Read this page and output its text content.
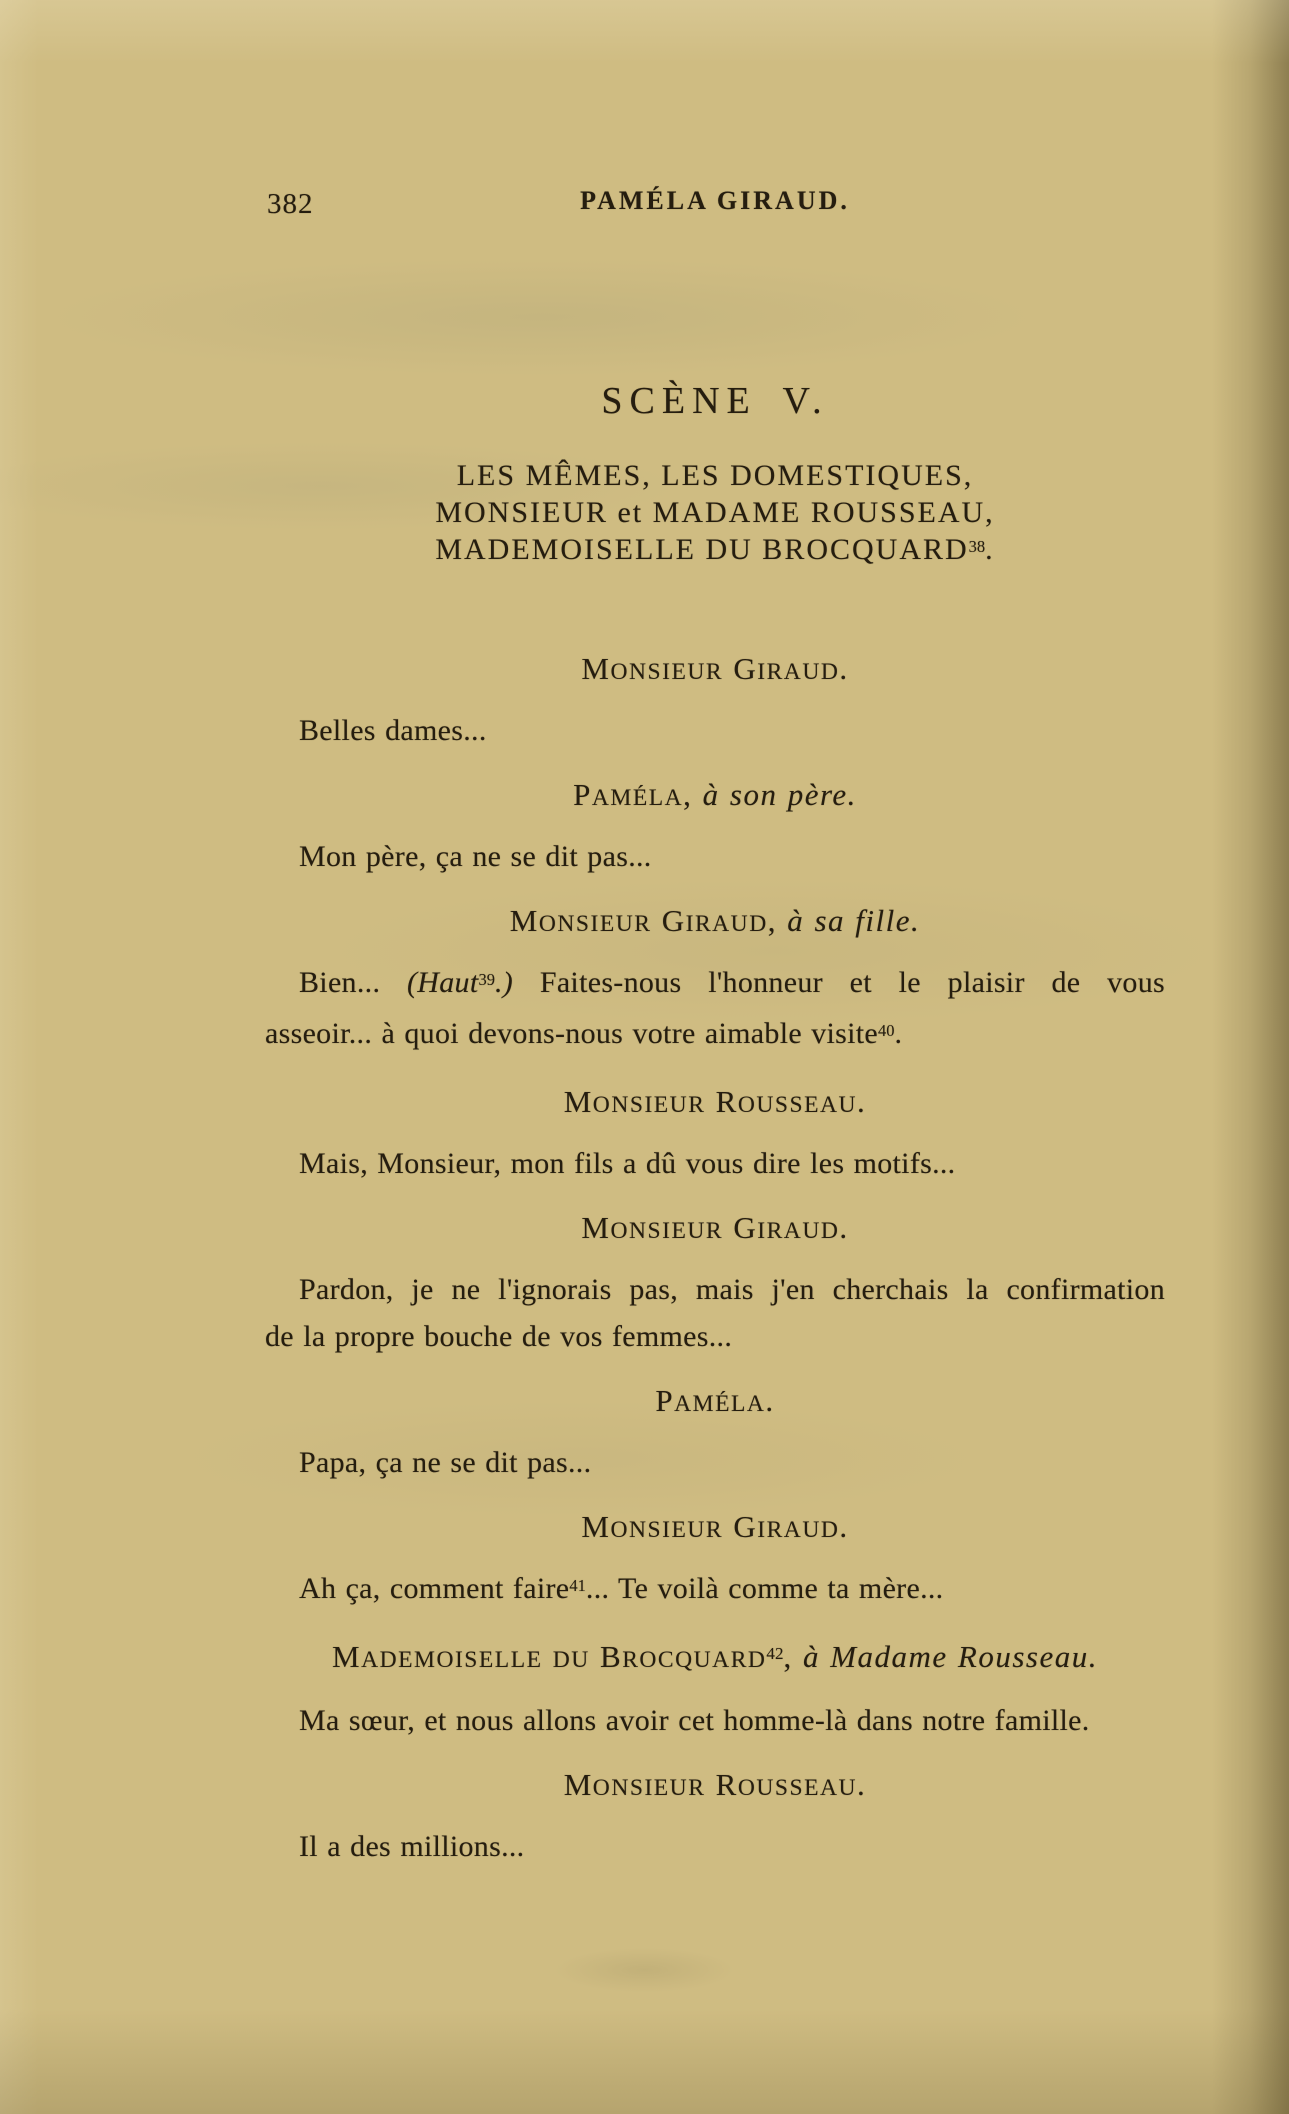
382	PAMÉLA GIRAUD.
SCÈNE V.
LES MÊMES, LES DOMESTIQUES,
MONSIEUR et MADAME ROUSSEAU,
MADEMOISELLE DU BROCQUARD$^{38}$.
MONSIEUR GIRAUD.
Belles dames...
PAMÉLA, à son père.
Mon père, ça ne se dit pas...
MONSIEUR GIRAUD, à sa fille.
Bien... (Haut$^{39}$.) Faites-nous l'honneur et le plaisir de vous
asseoir... à quoi devons-nous votre aimable visite$^{40}$.
MONSIEUR ROUSSEAU.
Mais, Monsieur, mon fils a dû vous dire les motifs...
MONSIEUR GIRAUD.
Pardon, je ne l'ignorais pas, mais j'en cherchais la confirmation
de la propre bouche de vos femmes...
PAMÉLA.
Papa, ça ne se dit pas...
MONSIEUR GIRAUD.
Ah ça, comment faire$^{41}$... Te voilà comme ta mère...
MADEMOISELLE DU BROCQUARD$^{42}$, à Madame Rousseau.
Ma sœur, et nous allons avoir cet homme-là dans notre famille.
MONSIEUR ROUSSEAU.
Il a des millions...
